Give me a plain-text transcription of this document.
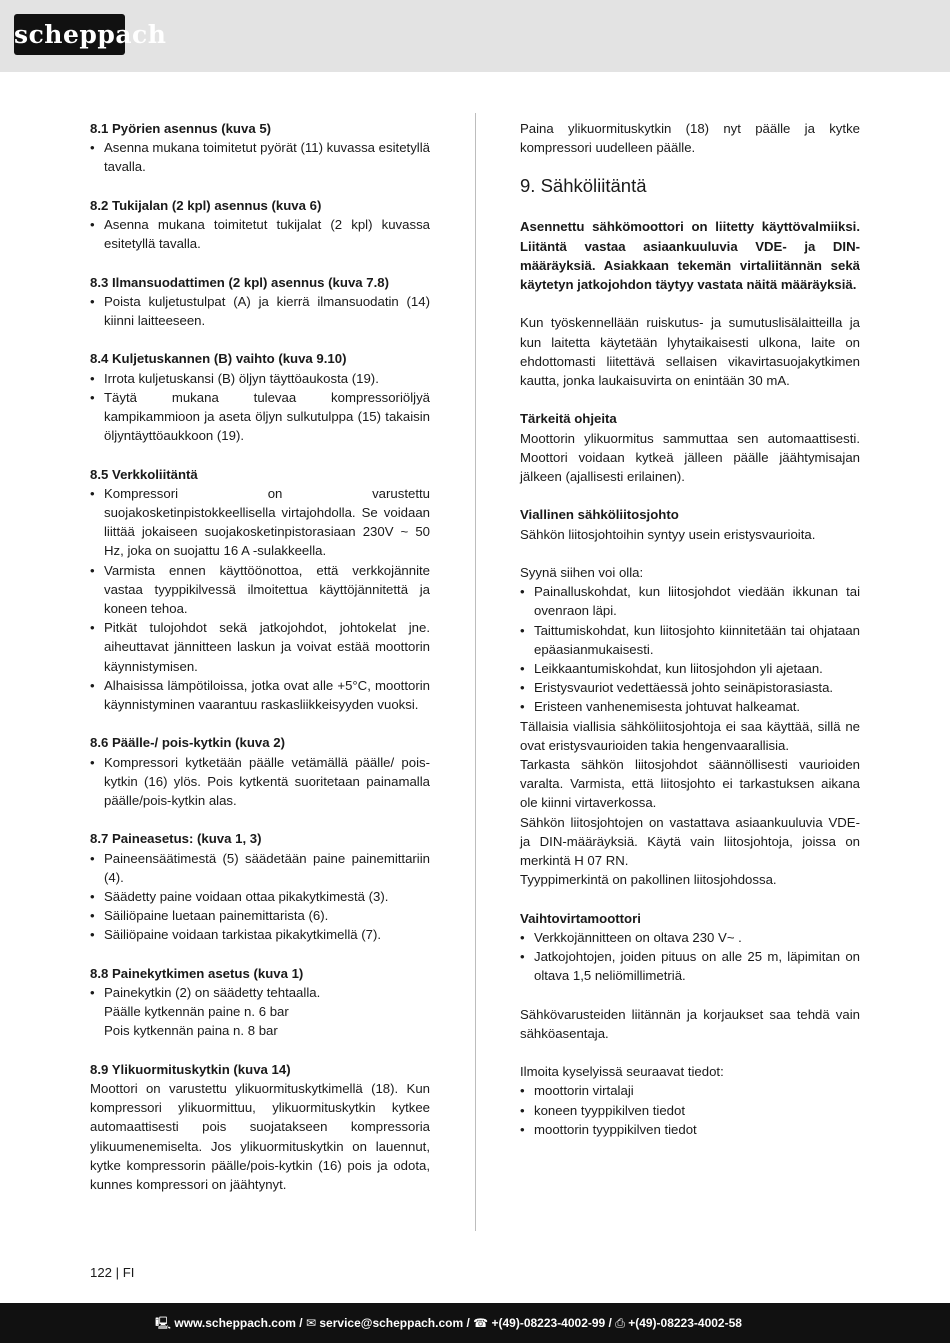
scheppach

8.1 Pyörien asennus (kuva 5)

• Asenna mukana toimitetut pyörät (11) kuvassa esitetyllä tavalla.

8.2 Tukijalan (2 kpl) asennus (kuva 6)

• Asenna mukana toimitetut tukijalat (2 kpl) kuvassa esitetyllä tavalla.

8.3 Ilmansuodattimen (2 kpl) asennus (kuva 7.8)

• Poista kuljetustulpat (A) ja kierrä ilmansuodatin (14) kiinni laitteeseen.

8.4 Kuljetuskannen (B) vaihto (kuva 9.10)

• Irrota kuljetuskansi (B) öljyn täyttöaukosta (19).
• Täytä mukana tulevaa kompressoriöljyä kampikammioon ja aseta öljyn sulkutulppa (15) takaisin öljyntäyttöaukkoon (19).

8.5 Verkkoliitäntä

• Kompressori on varustettu suojakosketinpistokkeellisella virtajohdolla. Se voidaan liittää jokaiseen suojakosketinpistorasiaan 230V ~ 50 Hz, joka on suojattu 16 A -sulakkeella.
• Varmista ennen käyttöönottoa, että verkkojännite vastaa tyyppikilvessä ilmoitettua käyttöjännitettä ja koneen tehoa.
• Pitkät tulojohdot sekä jatkojohdot, johtokelat jne. aiheuttavat jännitteen laskun ja voivat estää moottorin käynnistymisen.
• Alhaisissa lämpötiloissa, jotka ovat alle +5°C, moottorin käynnistyminen vaarantuu raskasliikkeisyyden vuoksi.

8.6 Päälle-/ pois-kytkin (kuva 2)

• Kompressori kytketään päälle vetämällä päälle/ pois-kytkin (16) ylös. Pois kytkentä suoritetaan painamalla päälle/pois-kytkin alas.

8.7 Paineasetus: (kuva 1, 3)

• Paineensäätimestä (5) säädetään paine painemittariin (4).
• Säädetty paine voidaan ottaa pikakytkimestä (3).
• Säiliöpaine luetaan painemittarista (6).
• Säiliöpaine voidaan tarkistaa pikakytkimellä (7).

8.8 Painekytkimen asetus (kuva 1)

• Painekytkin (2) on säädetty tehtaalla.
Päälle kytkennän paine n. 6 bar
Pois kytkennän paina n. 8 bar

8.9 Ylikuormituskytkin (kuva 14)

Moottori on varustettu ylikuormituskytkimellä (18). Kun kompressori ylikuormittuu, ylikuormituskytkin kytkee automaattisesti pois suojatakseen kompressoria ylikuumenemiselta. Jos ylikuormituskytkin on lauennut, kytke kompressorin päälle/pois-kytkin (16) pois ja odota, kunnes kompressori on jäähtynyt.

Paina ylikuormituskytkin (18) nyt päälle ja kytke kompressori uudelleen päälle.

9. Sähköliitäntä

Asennettu sähkömoottori on liitetty käyttövalmiiksi. Liitäntä vastaa asiaankuuluvia VDE- ja DIN-määräyksiä. Asiakkaan tekemän virtaliitännän sekä käytetyn jatkojohdon täytyy vastata näitä määräyksiä.

Kun työskennellään ruiskutus- ja sumutuslisälaitteilla ja kun laitetta käytetään lyhytaikaisesti ulkona, laite on ehdottomasti liitettävä sellaisen vikavirtasuojakytkimen kautta, jonka laukaisuvirta on enintään 30 mA.

Tärkeitä ohjeita

Moottorin ylikuormitus sammuttaa sen automaattisesti. Moottori voidaan kytkeä jälleen päälle jäähtymisajan jälkeen (ajallisesti erilainen).

Viallinen sähköliitosjohto

Sähkön liitosjohtoihin syntyy usein eristysvaurioita.

Syynä siihen voi olla:

• Painalluskohdat, kun liitosjohdot viedään ikkunan tai ovenraon läpi.
• Taittumiskohdat, kun liitosjohto kiinnitetään tai ohjataan epäasianmukaisesti.
• Leikkaantumiskohdat, kun liitosjohdon yli ajetaan.
• Eristysvauriot vedettäessä johto seinäpistorasiasta.
• Eristeen vanhenemisesta johtuvat halkeamat.

Tällaisia viallisia sähköliitosjohtoja ei saa käyttää, sillä ne ovat eristysvaurioiden takia hengenvaarallisia.

Tarkasta sähkön liitosjohdot säännöllisesti vaurioiden varalta. Varmista, että liitosjohto ei tarkastuksen aikana ole kiinni virtaverkossa.

Sähkön liitosjohtojen on vastattava asiaankuuluvia VDE- ja DIN-määräyksiä. Käytä vain liitosjohtoja, joissa on merkintä H 07 RN.

Tyyppimerkintä on pakollinen liitosjohdossa.

Vaihtovirtamoottori

• Verkkojännitteen on oltava 230 V~ .
• Jatkojohtojen, joiden pituus on alle 25 m, läpimitan on oltava 1,5 neliömillimetriä.

Sähkövarusteiden liitännän ja korjaukset saa tehdä vain sähköasentaja.

Ilmoita kyselyissä seuraavat tiedot:

• moottorin virtalaji
• koneen tyyppikilven tiedot
• moottorin tyyppikilven tiedot
122 | FI
🖳 www.scheppach.com / ✉ service@scheppach.com / ☎ +(49)-08223-4002-99 / ⎙ +(49)-08223-4002-58
